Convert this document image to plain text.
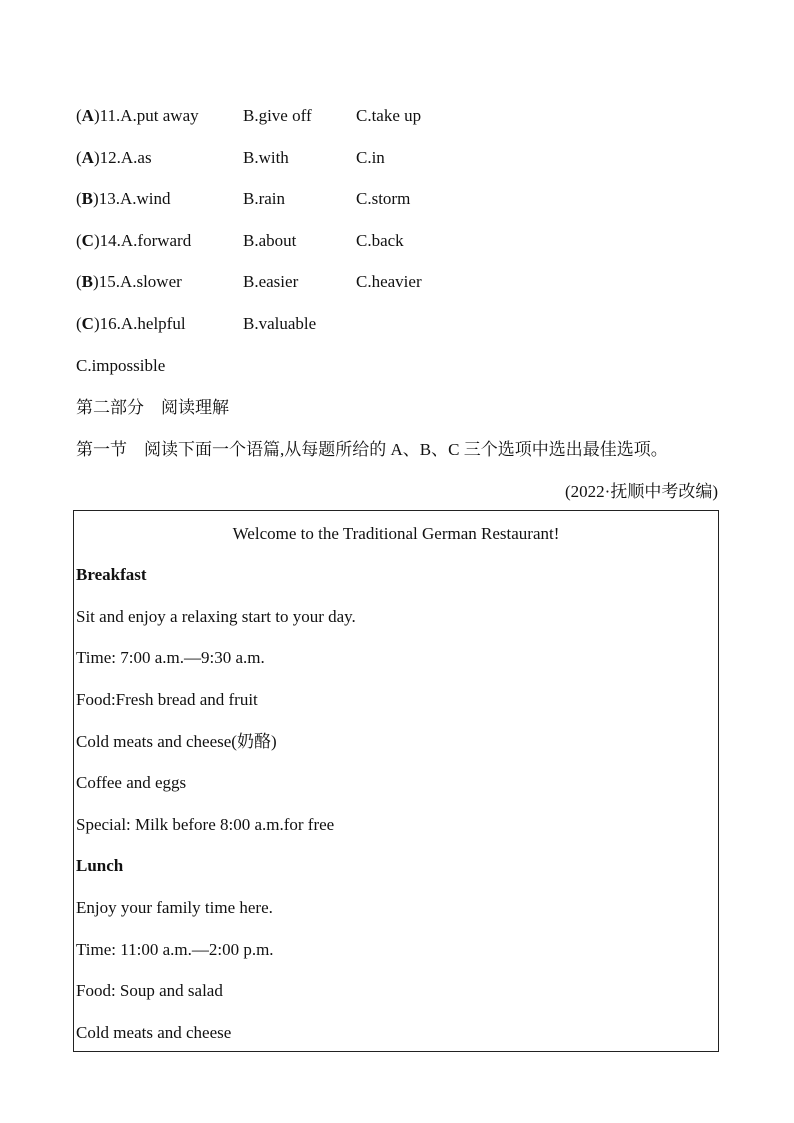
(A)11.A.put away	B.give off	C.take up
(A)12.A.as	B.with	C.in
(B)13.A.wind	B.rain	C.storm
(C)14.A.forward	B.about	C.back
(B)15.A.slower	B.easier	C.heavier
(C)16.A.helpful	B.valuable
C.impossible
第二部分　阅读理解
第一节　阅读下面一个语篇,从每题所给的 A、B、C 三个选项中选出最佳选项。
(2022·抚顺中考改编)
Welcome to the Traditional German Restaurant!
Breakfast
Sit and enjoy a relaxing start to your day.
Time: 7:00 a.m.—9:30 a.m.
Food:Fresh bread and fruit
Cold meats and cheese(奶酪)
Coffee and eggs
Special: Milk before 8:00 a.m.for free
Lunch
Enjoy your family time here.
Time: 11:00 a.m.—2:00 p.m.
Food: Soup and salad
Cold meats and cheese
